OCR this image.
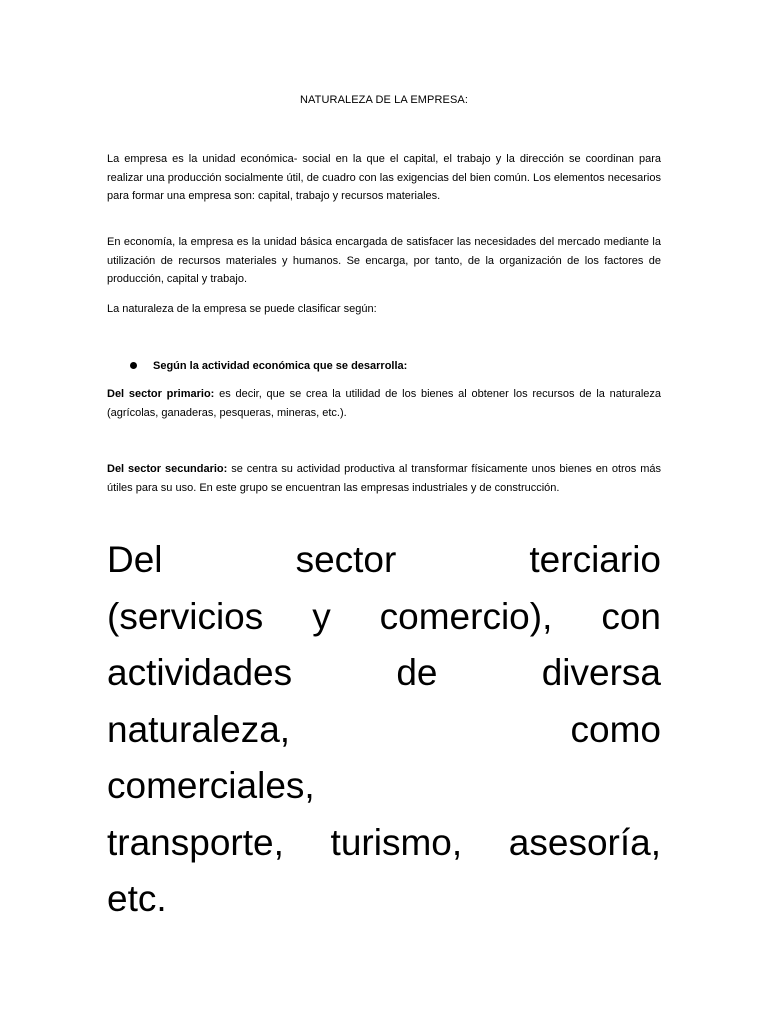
NATURALEZA DE LA EMPRESA:

La empresa es la unidad económica- social en la que el capital, el trabajo y la dirección se coordinan para realizar una producción socialmente útil, de cuadro con las exigencias del bien común. Los elementos necesarios para formar una empresa son: capital, trabajo y recursos materiales.

En economía, la empresa es la unidad básica encargada de satisfacer las necesidades del mercado mediante la utilización de recursos materiales y humanos. Se encarga, por tanto, de la organización de los factores de producción, capital y trabajo.

La naturaleza de la empresa se puede clasificar según:

Según la actividad económica que se desarrolla:

Del sector primario: es decir, que se crea la utilidad de los bienes al obtener los recursos de la naturaleza (agrícolas, ganaderas, pesqueras, mineras, etc.).

Del sector secundario: se centra su actividad productiva al transformar físicamente unos bienes en otros más útiles para su uso. En este grupo se encuentran las empresas industriales y de construcción.

Del	sector	terciario
(servicios y comercio), con
actividades	de	diversa
naturaleza,	como
comerciales,
transporte, turismo, asesoría,
etc.
